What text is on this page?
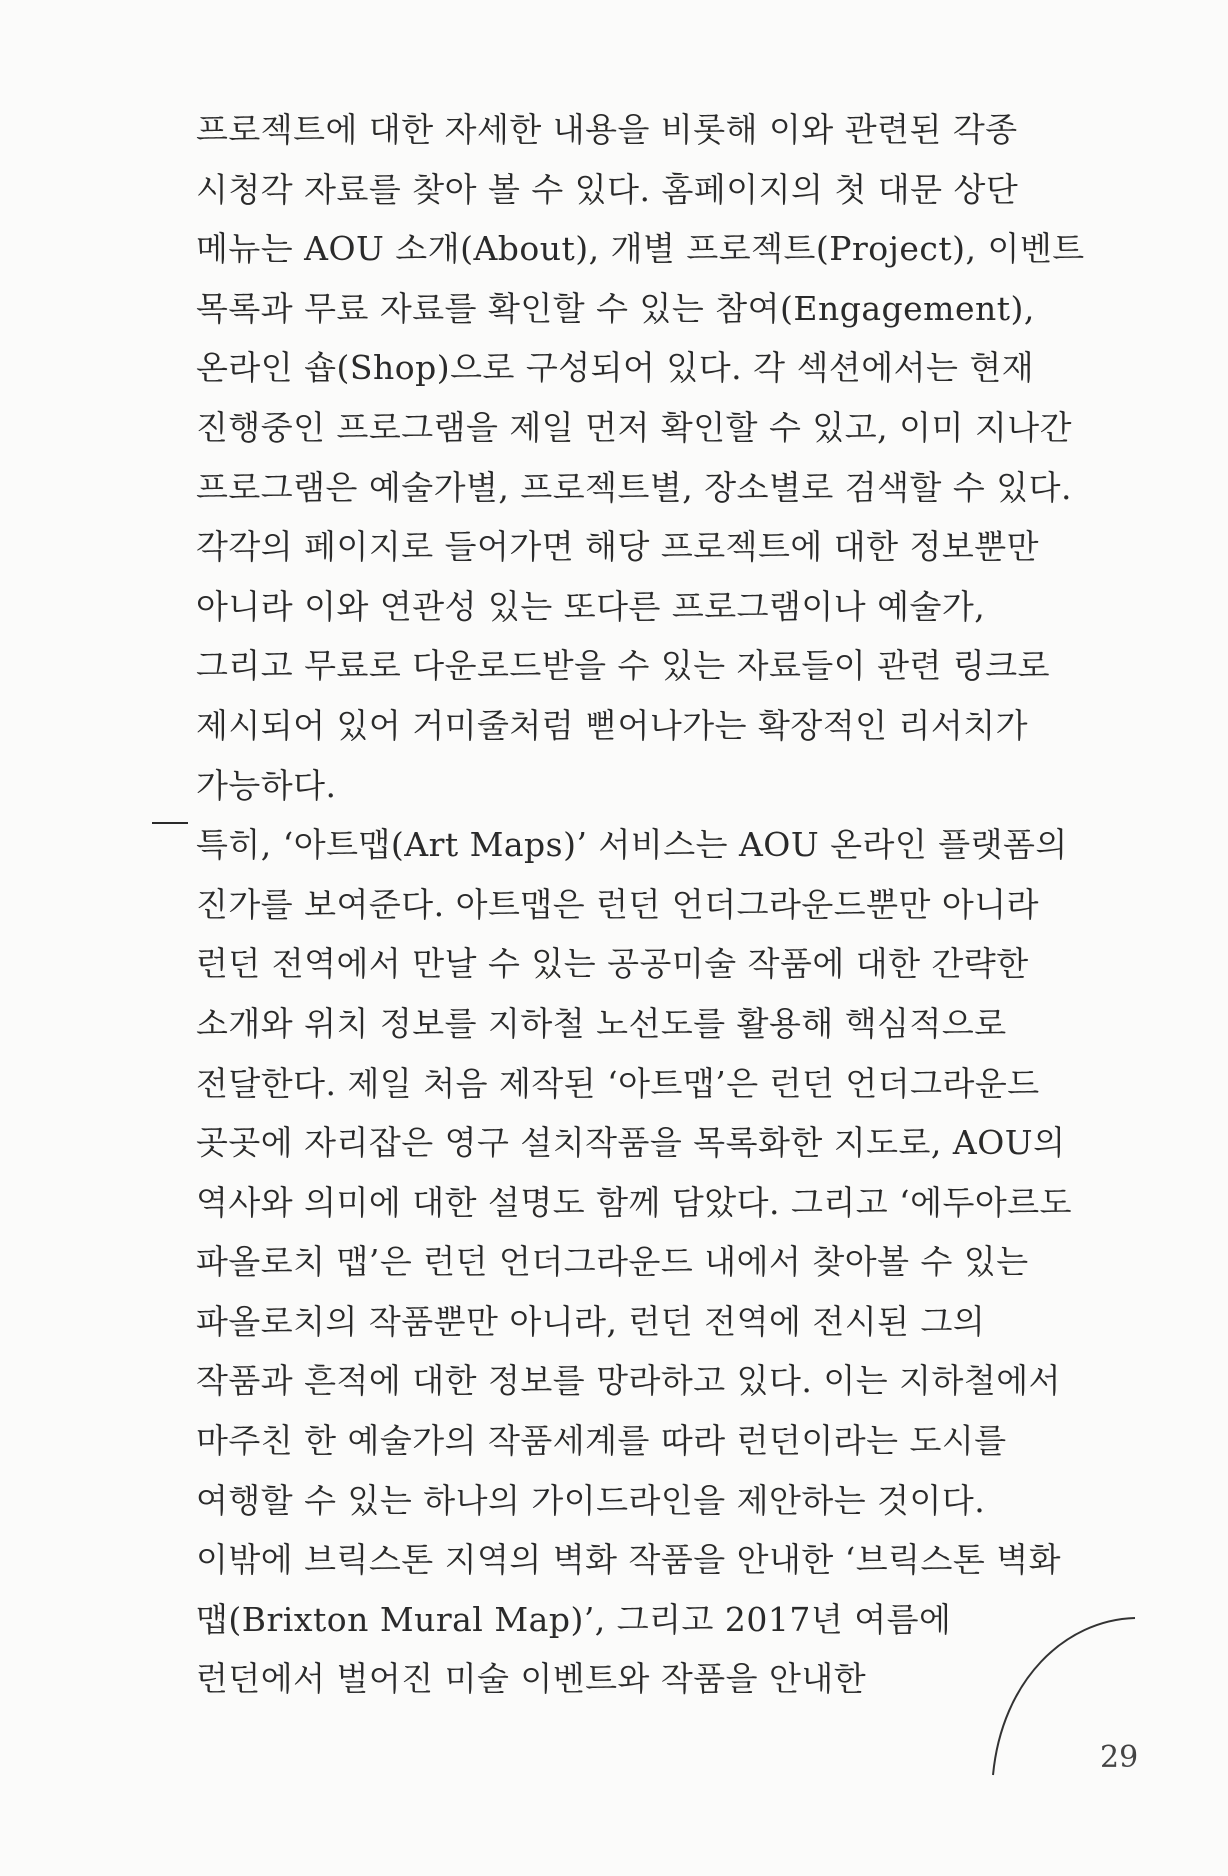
프로젝트에 대한 자세한 내용을 비롯해 이와 관련된 각종
시청각 자료를 찾아 볼 수 있다. 홈페이지의 첫 대문 상단
메뉴는 AOU 소개(About), 개별 프로젝트(Project), 이벤트
목록과 무료 자료를 확인할 수 있는 참여(Engagement),
온라인 숍(Shop)으로 구성되어 있다. 각 섹션에서는 현재
진행중인 프로그램을 제일 먼저 확인할 수 있고, 이미 지나간
프로그램은 예술가별, 프로젝트별, 장소별로 검색할 수 있다.
각각의 페이지로 들어가면 해당 프로젝트에 대한 정보뿐만
아니라 이와 연관성 있는 또다른 프로그램이나 예술가,
그리고 무료로 다운로드받을 수 있는 자료들이 관련 링크로
제시되어 있어 거미줄처럼 뻗어나가는 확장적인 리서치가
가능하다.
특히, ‘아트맵(Art Maps)’ 서비스는 AOU 온라인 플랫폼의
진가를 보여준다. 아트맵은 런던 언더그라운드뿐만 아니라
런던 전역에서 만날 수 있는 공공미술 작품에 대한 간략한
소개와 위치 정보를 지하철 노선도를 활용해 핵심적으로
전달한다. 제일 처음 제작된 ‘아트맵’은 런던 언더그라운드
곳곳에 자리잡은 영구 설치작품을 목록화한 지도로, AOU의
역사와 의미에 대한 설명도 함께 담았다. 그리고 ‘에두아르도
파올로치 맵’은 런던 언더그라운드 내에서 찾아볼 수 있는
파올로치의 작품뿐만 아니라, 런던 전역에 전시된 그의
작품과 흔적에 대한 정보를 망라하고 있다. 이는 지하철에서
마주친 한 예술가의 작품세계를 따라 런던이라는 도시를
여행할 수 있는 하나의 가이드라인을 제안하는 것이다.
이밖에 브릭스톤 지역의 벽화 작품을 안내한 ‘브릭스톤 벽화
맵(Brixton Mural Map)’, 그리고 2017년 여름에
런던에서 벌어진 미술 이벤트와 작품을 안내한
29
